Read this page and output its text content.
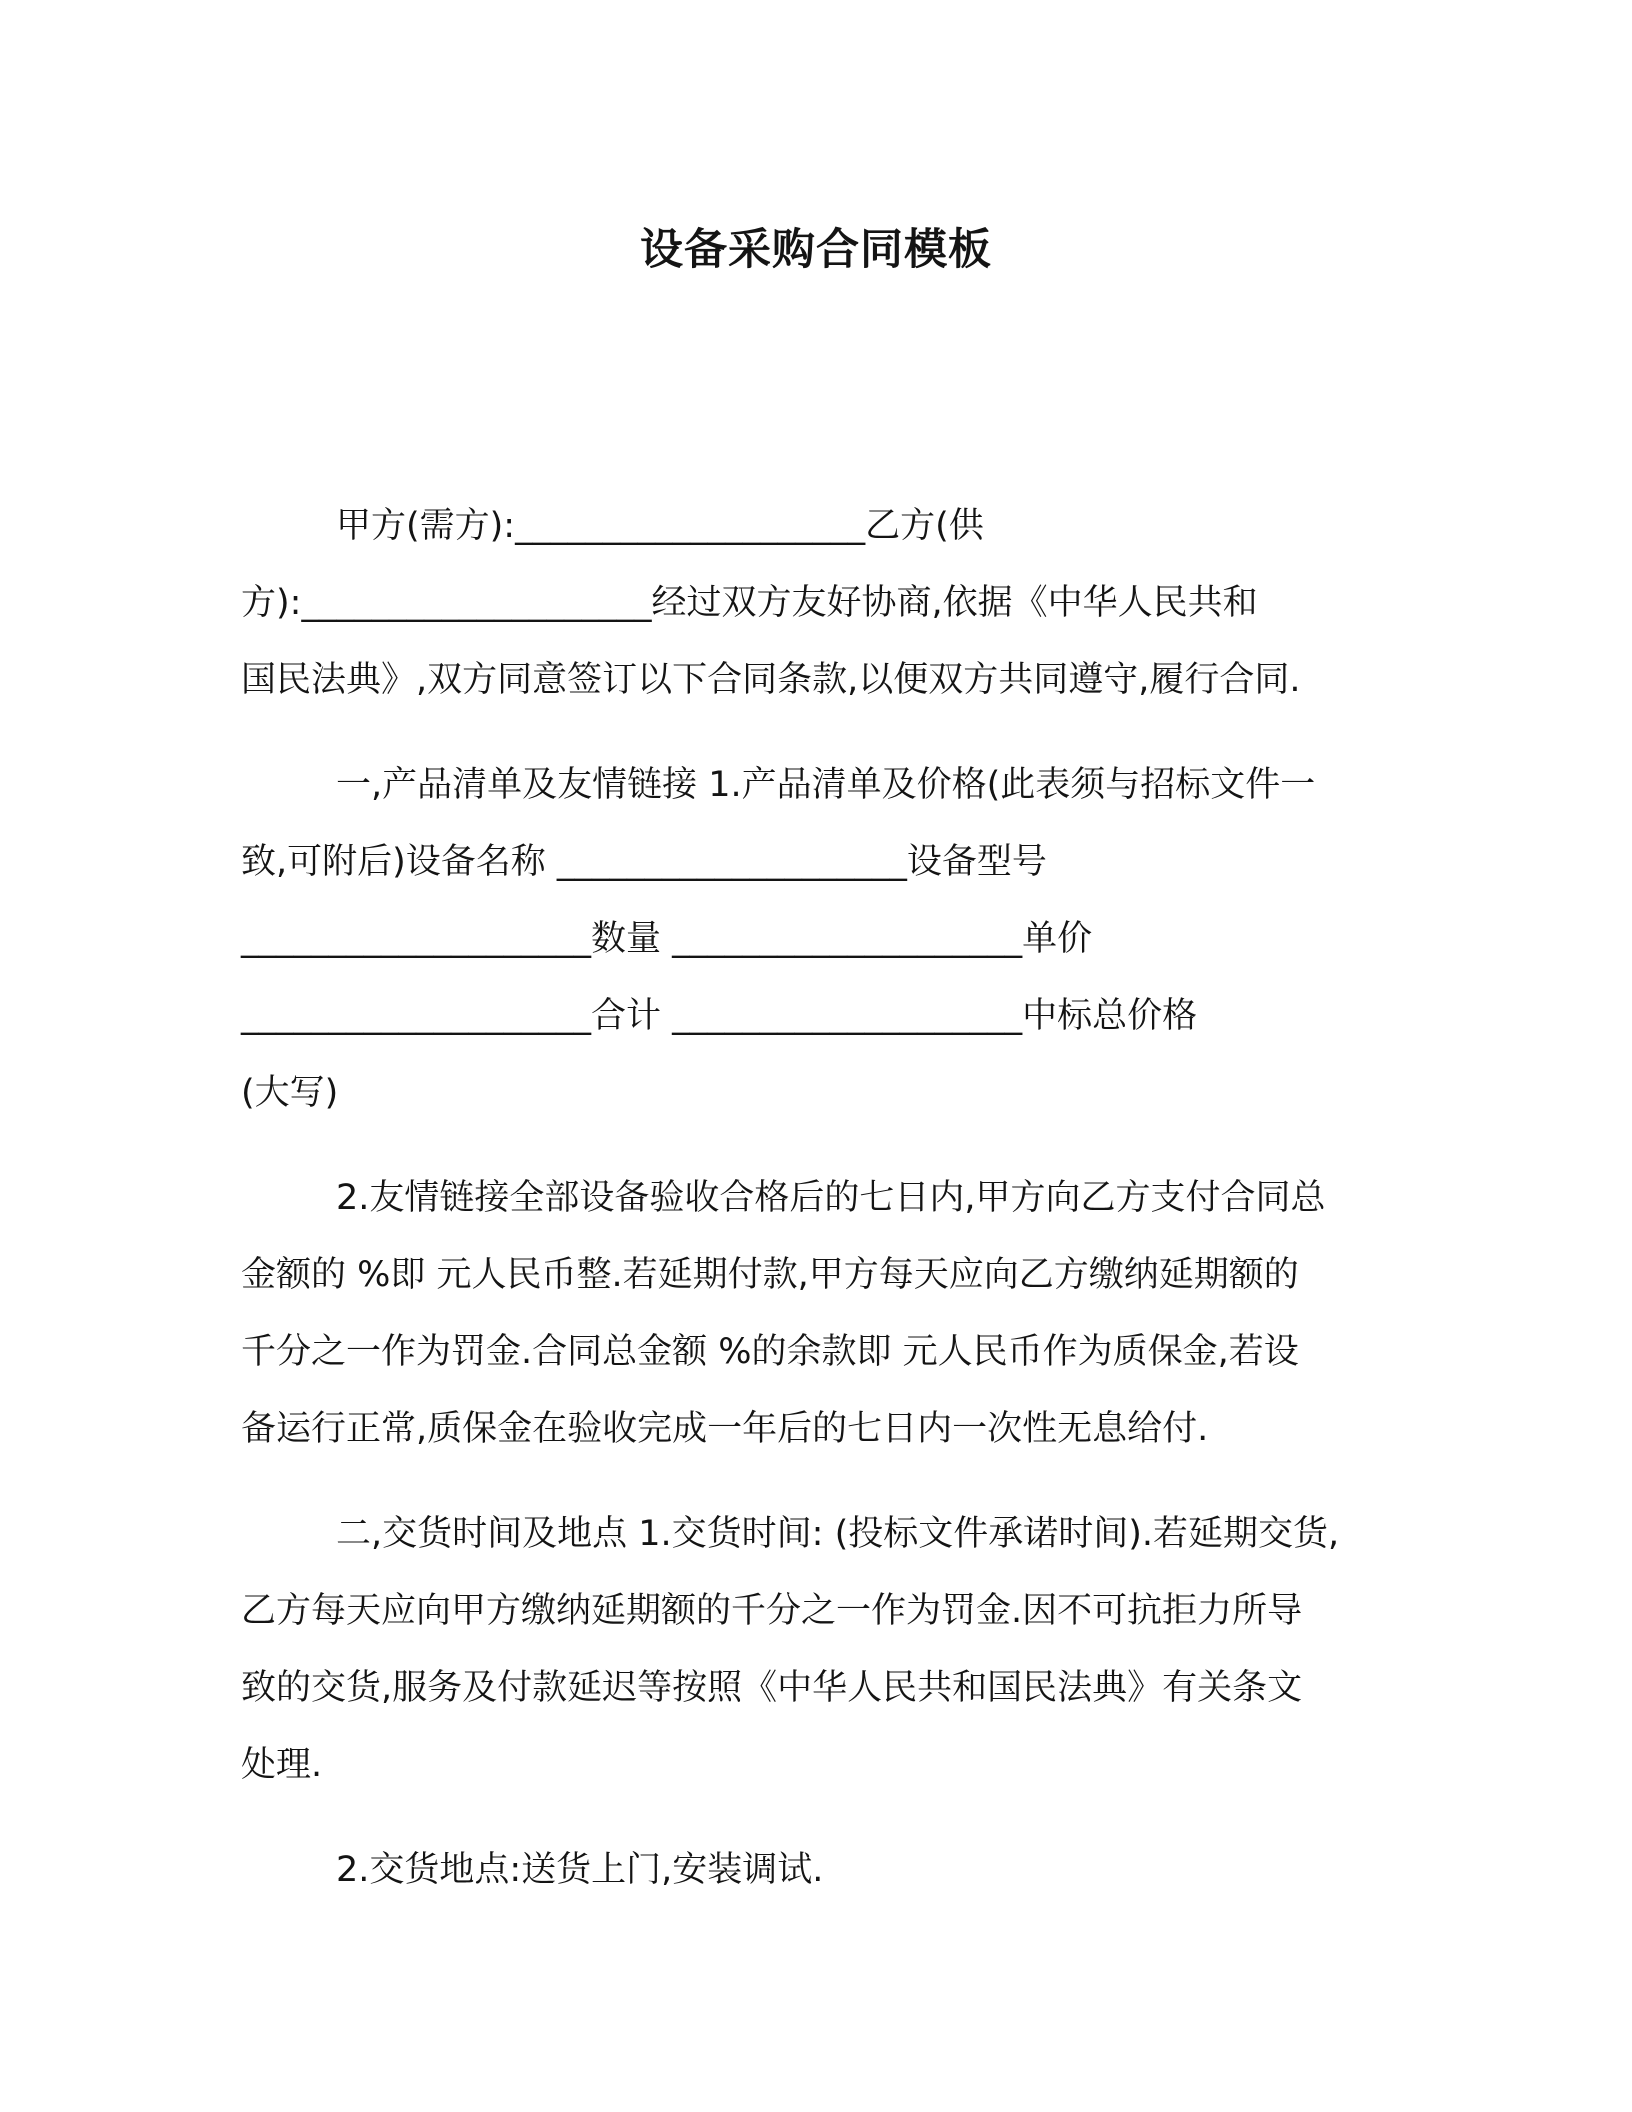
设备采购合同模板
甲方(需方):____________________乙方(供
方):____________________经过双方友好协商,依据《中华人民共和
国民法典》,双方同意签订以下合同条款,以便双方共同遵守,履行合同.
一,产品清单及友情链接 1.产品清单及价格(此表须与招标文件一
致,可附后)设备名称 ____________________设备型号
____________________数量 ____________________单价
____________________合计 ____________________中标总价格
(大写)
2.友情链接全部设备验收合格后的七日内,甲方向乙方支付合同总
金额的 %即 元人民币整.若延期付款,甲方每天应向乙方缴纳延期额的
千分之一作为罚金.合同总金额 %的余款即 元人民币作为质保金,若设
备运行正常,质保金在验收完成一年后的七日内一次性无息给付.
二,交货时间及地点 1.交货时间: (投标文件承诺时间).若延期交货,
乙方每天应向甲方缴纳延期额的千分之一作为罚金.因不可抗拒力所导
致的交货,服务及付款延迟等按照《中华人民共和国民法典》有关条文
处理.
2.交货地点:送货上门,安装调试.
